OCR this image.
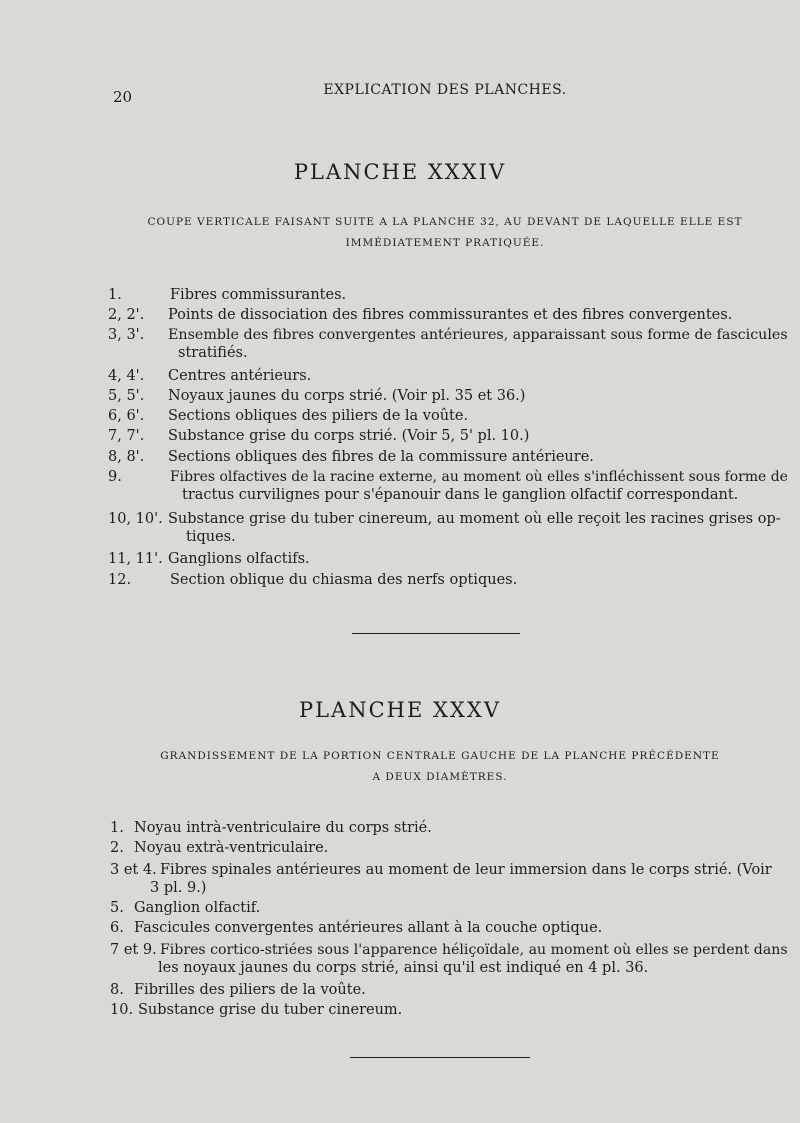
20	EXPLICATION DES PLANCHES.
PLANCHE XXXIV
COUPE VERTICALE FAISANT SUITE A LA PLANCHE 32, AU DEVANT DE LAQUELLE ELLE EST
IMMÉDIATEMENT PRATIQUÉE.
1.	Fibres commissurantes.
2, 2'. Points de dissociation des fibres commissurantes et des fibres convergentes.
3, 3'. Ensemble des fibres convergentes antérieures, apparaissant sous forme de fascicules
stratifiés.
4, 4'. Centres antérieurs.
5, 5'. Noyaux jaunes du corps strié. (Voir pl. 35 et 36.)
6, 6'. Sections obliques des piliers de la voûte.
7, 7'. Substance grise du corps strié. (Voir 5, 5' pl. 10.)
8, 8'. Sections obliques des fibres de la commissure antérieure.
9.	Fibres olfactives de la racine externe, au moment où elles s'infléchissent sous forme de
tractus curvilignes pour s'épanouir dans le ganglion olfactif correspondant.
10, 10'. Substance grise du tuber cinereum, au moment où elle reçoit les racines grises op-
tiques.
11, 11'. Ganglions olfactifs.
12.	Section oblique du chiasma des nerfs optiques.
PLANCHE XXXV
GRANDISSEMENT DE LA PORTION CENTRALE GAUCHE DE LA PLANCHE PRÉCÉDENTE
A DEUX DIAMÈTRES.
1. Noyau intrà-ventriculaire du corps strié.
2. Noyau extrà-ventriculaire.
3 et 4. Fibres spinales antérieures au moment de leur immersion dans le corps strié. (Voir
3 pl. 9.)
5. Ganglion olfactif.
6. Fascicules convergentes antérieures allant à la couche optique.
7 et 9. Fibres cortico-striées sous l'apparence héliçoïdale, au moment où elles se perdent dans
les noyaux jaunes du corps strié, ainsi qu'il est indiqué en 4 pl. 36.
8. Fibrilles des piliers de la voûte.
10. Substance grise du tuber cinereum.
